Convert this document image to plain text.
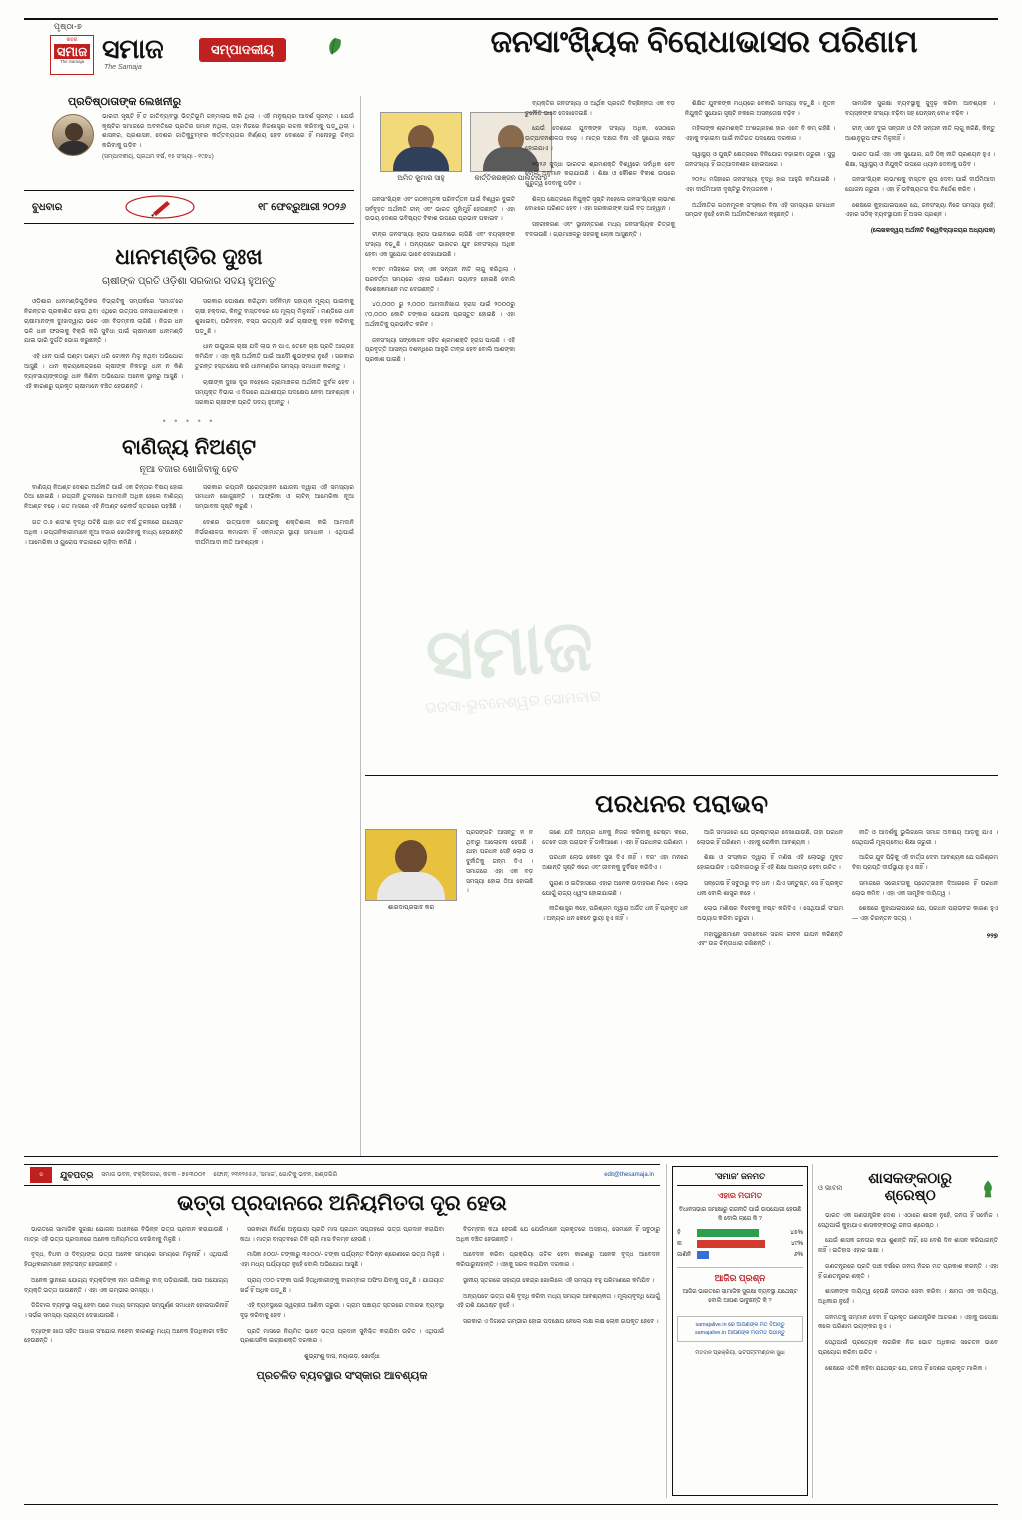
ପୃଷ୍ଠା-୭
ଖବର
ସମାଜ
The Samaja ସମାଜ
The Samaja
ସମ୍ପାଦକୀୟ	ଜନସାଂଖ୍ୟିକ ବିରୋଧାଭାସର ପରିଣାମ
ପ୍ରତିଷ୍ଠାତାଙ୍କ ଲେଖନୀରୁ
ଭାରତୀ ସୃଷ୍ଟି ହିଁ ତ ଜାତିବ୍ୟବସ୍ଥା ଭିତ୍ତିଭୂମି ଜନ୍ମଲାଭ କରି ଥିଲା । ଏହି ମନୁଷ୍ୟର ଆଦର୍ଶ ସୃଜନ୍ତ । ଯେଉଁ କୃଷ୍ଟିର ସମାଜରେ ଅବନତିରେ ପ୍ରତିର ସମାନ ନଥିଲା, ତାହା ନିଜରେ ନିଜଶାସ୍ତ୍ର ରଚନା କରିବାକୁ ପଡ଼ୁଥିଲା । ଶାସନର, ପ୍ରଶାସନ, ଦେଶର ଜାତିକୁଟୁମ୍ବର କର୍ତ୍ତବ୍ୟତାର ନିର୍ଣ୍ଣୟ ହେବ ଦେଶରେ ହିଁ ମନୋହରୁ ଚିନ୍ତା କରିବାକୁ ପଡ଼ିବ ।
(ସମ୍ପାଦକୀୟ, ପ୍ରଥମ ବର୍ଷ, ୧୫ ସଂଖ୍ୟା - ୧୯୭୪)
ଅମିତ କୁମାର ସାହୁ	କାର୍ତ୍ତିକରଞ୍ଜନ ପାଲଟାସିଂହ
ବୁଧବାର	୧୮ ଫେବ୍ରୁଆରୀ ୨୦୨୬
ଧାନମଣ୍ଡିର ଦୁଃଖ
ଚାଷୀଙ୍କ ପ୍ରତି ଓଡ଼ିଶା ସରକାର ସଦୟ ହୁଅନ୍ତୁ

ଓଡ଼ିଶାର ଧାନମଣ୍ଡିଗୁଡ଼ିକର ବିଭ୍ରାଟିକୁ ସମ୍ପର୍କରେ 'ସମାଜ'ରେ ନିରନ୍ତର ପ୍ରକାଶିତ ହେଉ ଥିବା ଏଥିରେ ଉତ୍ତାପ ଜନସାଧାରଣଙ୍କ । ଚାଷୀମାନଙ୍କ ଦୁଃଖଦ୍ୱାରା ଭଳେ ଏହା ବିଡ଼ମ୍ବନା ଲାଗିଛି । ନିଜର ଧନ ଭଳି ଧାନ ଫସଲକୁ ବିକ୍ରି କରି ସୁବିଧା ପାଇଁ ଚାଷୀମାନେ ଧାନମଣ୍ଡି ଯାଇ ଭାରି ଦୁର୍ଗତି ଭୋଗ କରୁଛନ୍ତି ।

ଏହି ଧାନ ପାଇଁ ଘଣ୍ଟା ଘଣ୍ଟା ଧରି ଟୋକନ ମିଳୁ ନଥିବା ଅଭିଯୋଗ ଆସୁଛି । ଧାନ କ୍ରୟକେନ୍ଦ୍ରରେ ଚାଷୀଙ୍କ ନିକଟରୁ ଧାନ ନ କିଣି ବ୍ୟବସାୟୀଙ୍କଠାରୁ ଧାନ କିଣିବା ଅଭିଯୋଗ ଅନେକ ସ୍ଥାନରୁ ଆସୁଛି । ଏହି କାରଣରୁ ପ୍ରକୃତ ଚାଷୀମାନେ ବଞ୍ଚିତ ହେଉଛନ୍ତି ।

ସରକାର ଘୋଷଣା କରିଥିବା ସର୍ବନିମ୍ନ ସହାୟକ ମୂଲ୍ୟ ପାଇବାକୁ ଚାଷୀ ହକ୍ଦାର, କିନ୍ତୁ ବାସ୍ତବରେ ସେ ମୂଲ୍ୟ ମିଳୁନାହିଁ । ମଣ୍ଡିରେ ଧାନ ଶୁଖାଇବା, ପରିବହନ, ବସ୍ତା ଇତ୍ୟାଦି ଖର୍ଚ୍ଚ ଚାଷୀଙ୍କୁ ବହନ କରିବାକୁ ପଡ଼ୁଛି ।

ଧାନ ଉପୁଜାଇ ଚାଷୀ ଯଦି ଲାଭ ନ ପାଏ, ତେବେ ଚାଷ ପ୍ରତି ଆଗ୍ରହ କମିଯିବ । ଏହା କୃଷି ଅର୍ଥନୀତି ପାଇଁ ଆଦୌ ଶୁଭଙ୍କର ନୁହେଁ । ସରକାର ତୁରନ୍ତ ହସ୍ତକ୍ଷେପ କରି ଧାନମଣ୍ଡିର ସମସ୍ୟା ସମାଧାନ କରନ୍ତୁ ।

ଚାଷୀଙ୍କ ଦୁଃଖ ଦୂର ନହେଲେ ଗ୍ରାମାଞ୍ଚଳର ଅର୍ଥନୀତି ଦୁର୍ବଳ ହେବ । ସମ୍ପୃକ୍ତ ବିଭାଗ ଏ ଦିଗରେ ଯଥାଶୀଘ୍ର ପଦକ୍ଷେପ ନେବା ଆବଶ୍ୟକ । ସରକାର ଚାଷୀଙ୍କ ପ୍ରତି ସଦୟ ହୁଅନ୍ତୁ ।

• • • • •
ବାଣିଜ୍ୟ ନିଅଣ୍ଟ
ନୂଆ ବଜାର ଖୋଜିବାକୁ ହେବ

ବାଣିଜ୍ୟ ନିଅଣ୍ଟ ଦେଶର ଅର୍ଥନୀତି ପାଇଁ ଏକ ଚିନ୍ତାର ବିଷୟ ହୋଇ ଠିଆ ହୋଇଛି । ରପ୍ତାନି ତୁଳନାରେ ଆମଦାନି ଅଧିକ ହେଲେ ବାଣିଜ୍ୟ ନିଅଣ୍ଟ ବଢ଼େ । ଗତ ମାସରେ ଏହି ନିଅଣ୍ଟ ରେକର୍ଡ ସ୍ତରରେ ପହଞ୍ଚିଛି ।

ଗତ ୦.୫ ଶତାଂଶ ବୃଦ୍ଧି ଘଟିଛି ଯାହା ଗତ ବର୍ଷ ତୁଳନାରେ ଯଥେଷ୍ଟ ଅଧିକ । ରପ୍ତାନିକାରୀମାନେ ନୂଆ ବଜାର ଖୋଜିବାକୁ ବାଧ୍ୟ ହେଉଛନ୍ତି । ଆମେରିକା ଓ ୟୁରୋପ ବଜାରରେ ଚାହିଦା କମିଛି ।

ସରକାର ରପ୍ତାନି ପ୍ରୋତ୍ସାହନ ଯୋଜନା ଦ୍ୱାରା ଏହି ସମସ୍ୟାର ସମାଧାନ ଖୋଜୁଛନ୍ତି । ଆଫ୍ରିକା ଓ ଲାଟିନ୍ ଆମେରିକା ନୂଆ ସମ୍ଭାବନା ସୃଷ୍ଟି କରୁଛି ।

ଦେଶର ଉତ୍ପାଦନ କ୍ଷେତ୍ରକୁ ଶକ୍ତିଶାଳୀ କରି ଆମଦାନି ନିର୍ଭରଶୀଳତା କମାଇବା ହିଁ ଏକମାତ୍ର ସ୍ଥାୟୀ ସମାଧାନ । ଏଥିପାଇଁ ଦୀର୍ଘମିଆଦୀ ନୀତି ଆବଶ୍ୟକ ।

ଜନସାଂଖ୍ୟିକ ଏବଂ ଗଠନମୂଳକ ପରିବର୍ତ୍ତନ ପାଇଁ ବିଶ୍ୱର ଦୁଇଟି ସର୍ବବୃହତ ଅର୍ଥନୀତି ଚୀନ୍ ଏବଂ ଭାରତ ମୁହାଁମୁହିଁ ହେଉଛନ୍ତି । ଏହା ଉଭୟ ଦେଶର ଭବିଷ୍ୟତ ବିକାଶ ଉପରେ ପ୍ରଭାବ ପକାଇବ ।

ଚୀନ୍‌ର ଜନସଂଖ୍ୟା ହ୍ରାସ ପାଇବାରେ ଲାଗିଛି ଏବଂ ବୟସ୍କଙ୍କ ସଂଖ୍ୟା ବଢ଼ୁଛି । ଅନ୍ୟପଟେ ଭାରତର ଯୁବ ଜନସଂଖ୍ୟା ଅଧିକ ହେବା ଏକ ସୁଯୋଗ ଭାବେ ଦେଖାଯାଉଛି ।

୧୯୭୯ ମସିହାରେ ଚୀନ୍ ଏକ ସନ୍ତାନ ନୀତି ଲାଗୁ କରିଥିଲା । ପରବର୍ତ୍ତୀ ସମୟରେ ଏହାର ପରିଣାମ ଭୟାବହ ହୋଇଛି ବୋଲି ବିଶେଷଜ୍ଞମାନେ ମତ ଦେଉଛନ୍ତି ।

୪୦,୦୦୦ ରୁ ୨,୦୦୦ ଆମଦାନିଖାତା ହ୍ରାସ ପାଇଁ ୨୦୦୦ରୁ ୯୦,୦୦୦ କୋଟି ଟଙ୍କାର ଯୋଜନା ପ୍ରସ୍ତୁତ ହୋଇଛି । ଏହା ଅର୍ଥନୀତିକୁ ପ୍ରଭାବିତ କରିବ ।

ଜନସଂଖ୍ୟା ସଙ୍କୋଚନ ସହିତ ଶ୍ରମଶକ୍ତି ହ୍ରାସ ପାଉଛି । ଏହି ପ୍ରବୃତ୍ତି ଆସନ୍ତା ଦଶନ୍ଧିରେ ଆହୁରି ତୀବ୍ର ହେବ ବୋଲି ଆଶଙ୍କା ପ୍ରକାଶ ପାଇଛି ।

ବ୍ୟକ୍ତିର ଜନସଂଖ୍ୟା ଓ ଆର୍ଥିକ ପ୍ରଗତି ବିଚ୍ଛିନ୍ନତା ଏକ ବଡ଼ ଚୁନୌତି ଭାବେ ଦେଖାଦେଇଛି ।

ଯେଉଁ ଦେଶରେ ଯୁବକଙ୍କ ସଂଖ୍ୟା ଅଧିକ, ସେଠାରେ ଉତ୍ପାଦନଶୀଳତା ବଢ଼େ । ମାତ୍ର ଦକ୍ଷତା ବିନା ଏହି ସୁଯୋଗ ନଷ୍ଟ ହୋଇଯାଏ ।

୨୦୨୬ ସୁଦ୍ଧା ଭାରତର ଶ୍ରମଶକ୍ତି ବିଶ୍ୱରେ ସର୍ବାଧିକ ହେବ ବୋଲି ଅନୁମାନ କରାଯାଉଛି । ଶିକ୍ଷା ଓ କୌଶଳ ବିକାଶ ଉପରେ ଗୁରୁତ୍ୱ ଦେବାକୁ ପଡ଼ିବ ।

ଶିଳ୍ପ କ୍ଷେତ୍ରରେ ନିଯୁକ୍ତି ସୃଷ୍ଟି ନହେଲେ ଜନସାଂଖ୍ୟିକ ଲାଭାଂଶ ବୋଝରେ ପରିଣତ ହେବ । ଏହା ସରକାରଙ୍କ ପାଇଁ ବଡ଼ ଆହ୍ୱାନ ।

ସହରୀକରଣ ଏବଂ ସ୍ଥାନାନ୍ତରଣ ମଧ୍ୟ ଜନସାଂଖ୍ୟିକ ଚିତ୍ରକୁ ବଦଳାଉଛି । ଗ୍ରାମାଞ୍ଚଳରୁ ସହରକୁ ଲୋକ ଆସୁଛନ୍ତି ।

ଶିକ୍ଷିତ ଯୁବକଙ୍କ ମଧ୍ୟରେ ବେକାରି ସମସ୍ୟା ବଢ଼ୁଛି । ନୂତନ ନିଯୁକ୍ତି ସୁଯୋଗ ସୃଷ୍ଟି ନକଲେ ଅସନ୍ତୋଷ ବଢ଼ିବ ।

ମହିଳାଙ୍କ ଶ୍ରମଶକ୍ତି ଅଂଶଗ୍ରହଣ ହାର ଏବେ ବି କମ୍ ରହିଛି । ଏହାକୁ ବଢ଼ାଇବା ପାଇଁ ନୀତିଗତ ପଦକ୍ଷେପ ଦରକାର ।

ସ୍ୱାସ୍ଥ୍ୟ ଓ ପୁଷ୍ଟି କ୍ଷେତ୍ରରେ ବିନିଯୋଗ ବଢ଼ାଇବା ଜରୁରୀ । ସୁସ୍ଥ ଜନସଂଖ୍ୟା ହିଁ ଉତ୍ପାଦନଶୀଳ ହୋଇପାରେ ।

୨୦୨୪ ମସିହାରେ ଜନସଂଖ୍ୟା ବୃଦ୍ଧି ହାର ଆହୁରି କମିଯାଇଛି । ଏହା ଦୀର୍ଘମିଆଦୀ ଦୃଷ୍ଟିରୁ ଚିନ୍ତାଜନକ ।

ଅର୍ଥନୀତିର ଗଠନମୂଳକ ସଂସ୍କାର ବିନା ଏହି ସମସ୍ୟାର ସମାଧାନ ସମ୍ଭବ ନୁହେଁ ବୋଲି ଅର୍ଥନୀତିଜ୍ଞମାନେ କହୁଛନ୍ତି ।

ସାମାଜିକ ସୁରକ୍ଷା ବ୍ୟବସ୍ଥାକୁ ସୁଦୃଢ଼ କରିବା ଆବଶ୍ୟକ । ବୟସ୍କଙ୍କ ସଂଖ୍ୟା ବଢ଼ିବା ସହ ପେନ୍‌ସନ୍ ବୋଝ ବଢ଼ିବ ।

ଚୀନ୍ ଏବେ ଦୁଇ ସନ୍ତାନ ଓ ତିନି ସନ୍ତାନ ନୀତି ଲାଗୁ କରିଛି, କିନ୍ତୁ ଆଶାନୁରୂପ ଫଳ ମିଳୁନାହିଁ ।

ଭାରତ ପାଇଁ ଏହା ଏକ ସୁଯୋଗ, ଯଦି ଠିକ୍ ନୀତି ପ୍ରଣୟନ ହୁଏ । ଶିକ୍ଷା, ସ୍ୱାସ୍ଥ୍ୟ ଓ ନିଯୁକ୍ତି ଉପରେ ଧ୍ୟାନ ଦେବାକୁ ପଡ଼ିବ ।

ଜନସାଂଖ୍ୟିକ ଲାଭାଂଶକୁ ବାସ୍ତବ ରୂପ ଦେବା ପାଇଁ ଦୀର୍ଘମିଆଦୀ ଯୋଜନା ଜରୁରୀ । ଏହା ହିଁ ଭବିଷ୍ୟତର ଦିଗ ନିର୍ଦ୍ଦେଶ କରିବ ।

ଶେଷରେ କୁହାଯାଇପାରେ ଯେ, ଜନସଂଖ୍ୟା ନିଜେ ସମସ୍ୟା ନୁହେଁ; ଏହାର ସଠିକ୍ ବ୍ୟବସ୍ଥାପନା ହିଁ ଅସଲ ପ୍ରଶ୍ନ ।

(ଲେଖକଦ୍ୱୟ ଅର୍ଥନୀତି ବିଶ୍ୱବିଦ୍ୟାଳୟର ଅଧ୍ୟାପକ)
ପରଧନର ପରାଭବ
ଶାରଦାପ୍ରସାଦ କର

ପ୍ରସଙ୍ଗଟି ଆସନ୍ତୁ ନ ନ ଥିବାରୁ ଆଲୋଚନା ହେଉଛି । ଯାହା ପରଧନ ସେହି ଲୋଭ ଓ ଦୁର୍ନୀତିକୁ ଜନ୍ମ ଦିଏ । ସମାଜରେ ଏହା ଏକ ବଡ଼ ସମସ୍ୟା ହୋଇ ଠିଆ ହୋଇଛି ।

ଜଣେ ଯଦି ଅନ୍ୟର ଧନକୁ ନିଜର କରିବାକୁ ଚେଷ୍ଟା କରେ, ତେବେ ତାହା ପରାଭବ ହିଁ ଡାକିଆଣେ । ଏହା ହିଁ ପରଧନର ପରିଣାମ ।

ପରଧନ ଲୋଭ କେବେ ସୁଖ ଦିଏ ନାହିଁ । ବରଂ ଏହା ମନରେ ଅଶାନ୍ତି ସୃଷ୍ଟି କରେ ଏବଂ ଜୀବନକୁ ଦୁର୍ବିଷହ କରିଦିଏ ।

ପୁରାଣ ଓ ଇତିହାସରେ ଏହାର ଅନେକ ଉଦାହରଣ ମିଳେ । ଲୋଭ ଯୋଗୁଁ ରାଜ୍ୟ ଧ୍ୱଂସ ହୋଇଯାଇଛି ।

ନୀତିଶାସ୍ତ୍ର କହେ, ପରିଶ୍ରମ ଦ୍ୱାରା ଅର୍ଜିତ ଧନ ହିଁ ପ୍ରକୃତ ଧନ । ଅନ୍ୟର ଧନ କେବେ ସ୍ଥାୟୀ ହୁଏ ନାହିଁ ।

ଆଜି ସମାଜରେ ଯେ ଭ୍ରଷ୍ଟାଚାର ଦେଖାଯାଉଛି, ତାହା ପରଧନ ଲୋଭର ହିଁ ପରିଣାମ । ଏହାକୁ ରୋକିବା ଆବଶ୍ୟକ ।

ଶିକ୍ଷା ଓ ସଂସ୍କାର ଦ୍ୱାରା ହିଁ ମଣିଷ ଏହି ଲୋଭରୁ ମୁକ୍ତ ହୋଇପାରିବ । ପରିବାରଠାରୁ ହିଁ ଏହି ଶିକ୍ଷା ଆରମ୍ଭ ହେବା ଉଚିତ ।

ସନ୍ତୋଷ ହିଁ ସବୁଠାରୁ ବଡ଼ ଧନ । ଯିଏ ସନ୍ତୁଷ୍ଟ, ସେ ହିଁ ପ୍ରକୃତ ଧନୀ ବୋଲି ଶାସ୍ତ୍ର କହେ ।

ଲୋଭ ମଣିଷର ବିବେକକୁ ନଷ୍ଟ କରିଦିଏ । ସେଥିପାଇଁ ସଂଯମ ଅଭ୍ୟାସ କରିବା ଜରୁରୀ ।

ମହାପୁରୁଷମାନେ ସଦାବେଳେ ସରଳ ଜୀବନ ଯାପନ କରିଛନ୍ତି ଏବଂ ଉଚ୍ଚ ଚିନ୍ତାଧାରା ରଖିଛନ୍ତି ।

ନୀତି ଓ ଆଦର୍ଶକୁ ଭୁଲିଗଲେ ସମାଜ ଅବକ୍ଷୟ ଆଡ଼କୁ ଯାଏ । ସେଥିପାଇଁ ମୂଲ୍ୟବୋଧ ଶିକ୍ଷା ଜରୁରୀ ।

ଆଜିର ଯୁବ ପିଢ଼ିକୁ ଏହି ବାର୍ତ୍ତା ଦେବା ଆବଶ୍ୟକ ଯେ ପରିଶ୍ରମ ବିନା ପ୍ରାପ୍ତି ଦୀର୍ଘସ୍ଥାୟୀ ହୁଏ ନାହିଁ ।

ସମାଜରେ ସଚ୍ଚୋଟତାକୁ ପ୍ରୋତ୍ସାହନ ଦିଆଗଲେ ହିଁ ପରଧନ ଲୋଭ କମିବ । ଏହା ଏକ ସାମୂହିକ ଦାୟିତ୍ୱ ।

ଶେଷରେ କୁହାଯାଇପାରେ ଯେ, ପରଧନ ପରାଭବର କାରଣ ହୁଏ — ଏହା ଚିରନ୍ତନ ସତ୍ୟ ।

୨୨୭
ସମାଜ
ଭରସା-ଭୁବନେଶ୍ୱର ସୋମବାର
ସ	ଯୁବପତ୍ର ସମାଜ ଭବନ, ବକ୍ସିବଜାର, କଟକ - ୭୫୩୦୦୧ ଫୋନ୍: ୨୩୧୨୫୫୬, 'ସମାଜ', ଗୋଟିକୁ ଭବନ, ଖଣ୍ଡଗିରି	edit@thesamaja.in
ଭତ୍ତା ପ୍ରଦାନରେ ଅନିୟମିତତା ଦୂର ହେଉ

ଭାରତରେ ସାମାଜିକ ସୁରକ୍ଷା ଯୋଜନା ଅଧୀନରେ ବିଭିନ୍ନ ଭତ୍ତା ପ୍ରଦାନ କରାଯାଉଛି । ମାତ୍ର ଏହି ଭତ୍ତା ପ୍ରଦାନରେ ଅନେକ ଅନିୟମିତତା ଦେଖିବାକୁ ମିଳୁଛି ।

ବୃଦ୍ଧ, ବିଧବା ଓ ଦିବ୍ୟାଙ୍ଗ ଭତ୍ତା ଅନେକ ସମୟରେ ସମୟରେ ମିଳୁନାହିଁ । ଏଥିପାଇଁ ହିତାଧିକାରୀମାନେ ହନ୍ତସନ୍ତ ହେଉଛନ୍ତି ।

ଅନେକ ସ୍ଥାନରେ ଯୋଗ୍ୟ ବ୍ୟକ୍ତିଙ୍କ ନାମ ତାଲିକାରୁ ବାଦ୍ ପଡ଼ିଯାଇଛି, ଆଉ ଅଯୋଗ୍ୟ ବ୍ୟକ୍ତି ଭତ୍ତା ପାଉଛନ୍ତି । ଏହା ଏକ ଗମ୍ଭୀର ସମସ୍ୟା ।

ଡିଜିଟାଲ ବ୍ୟବସ୍ଥା ଲାଗୁ ହେବା ପରେ ମଧ୍ୟ ସମସ୍ୟାର ସମ୍ପୂର୍ଣ୍ଣ ସମାଧାନ ହୋଇପାରିନାହିଁ । ସର୍ଭର ସମସ୍ୟା ପ୍ରାୟତଃ ଦେଖାଯାଉଛି ।

ବ୍ୟାଙ୍କ ଖାତା ସହିତ ଆଧାର ସଂଯୋଗ ନହେବା କାରଣରୁ ମଧ୍ୟ ଅନେକ ହିତାଧିକାରୀ ବଞ୍ଚିତ ହେଉଛନ୍ତି ।

ସରକାରୀ ନିର୍ଦ୍ଦେଶ ଅନୁଯାୟୀ ପ୍ରତି ମାସ ପ୍ରଥମ ସପ୍ତାହରେ ଭତ୍ତା ପ୍ରଦାନ କରାଯିବା କଥା । ମାତ୍ର ବାସ୍ତବରେ ତିନି ଚାରି ମାସ ବିଳମ୍ବ ହେଉଛି ।

ମାସିକ ୫୦୦/- ଟଙ୍କାରୁ ୩୫୦୦/- ଟଙ୍କା ପର୍ଯ୍ୟନ୍ତ ବିଭିନ୍ନ ଶ୍ରେଣୀରେ ଭତ୍ତା ମିଳୁଛି । ଏହା ମଧ୍ୟ ପର୍ଯ୍ୟାପ୍ତ ନୁହେଁ ବୋଲି ଅଭିଯୋଗ ଆସୁଛି ।

ପ୍ରାୟ ୯୦୦ ଟଙ୍କା ପାଇଁ ହିତାଧିକାରୀଙ୍କୁ ବାରମ୍ବାର ଅଫିସ ଯିବାକୁ ପଡ଼ୁଛି । ଯାତାୟାତ ଖର୍ଚ୍ଚ ହିଁ ଅଧିକ ପଡ଼ୁଛି ।

ଏହି ବ୍ୟବସ୍ଥାରେ ସ୍ୱଚ୍ଛତା ଆଣିବା ଜରୁରୀ । ଗ୍ରାମ ପଞ୍ଚାୟତ ସ୍ତରରେ ତଦାରଖ ବ୍ୟବସ୍ଥା ଦୃଢ଼ କରିବାକୁ ହେବ ।

ପ୍ରତି ମାସରେ ନିୟମିତ ଭାବେ ଭତ୍ତା ପ୍ରଦାନ ସୁନିଶ୍ଚିତ କରାଯିବା ଉଚିତ । ଏଥିପାଇଁ ପ୍ରଶାସନିକ ଇଚ୍ଛାଶକ୍ତି ଦରକାର ।

ଶୁଭ୍ରାଂଶୁ ଦାସ, ନୟାଗଡ଼, ଖୋର୍ଦ୍ଧା
ପ୍ରଚଳିତ ବ୍ୟବସ୍ଥାର ସଂସ୍କାର ଆବଶ୍ୟକ

ବିଡ଼ମ୍ବନା କଥା ହେଉଛି ଯେ ଯେଉଁମାନେ ପ୍ରକୃତରେ ଅସହାୟ, ସେମାନେ ହିଁ ସବୁଠାରୁ ଅଧିକ ବଞ୍ଚିତ ହେଉଛନ୍ତି ।

ଆବେଦନ କରିବା ପ୍ରକ୍ରିୟା ଜଟିଳ ହେବା କାରଣରୁ ଅନେକ ବୃଦ୍ଧ ଆବେଦନ କରିପାରୁନାହାନ୍ତି । ଏହାକୁ ସରଳ କରାଯିବା ଦରକାର ।

ସ୍ଥାନୀୟ ସ୍ତରରେ ସହାୟତା କେନ୍ଦ୍ର ଖୋଲିଲେ ଏହି ସମସ୍ୟା ବହୁ ପରିମାଣରେ କମିଯିବ ।

ଅନ୍ୟପଟେ ଭତ୍ତା ରାଶି ବୃଦ୍ଧି କରିବା ମଧ୍ୟ ସମୟର ଆବଶ୍ୟକତା । ମୂଲ୍ୟବୃଦ୍ଧି ଯୋଗୁଁ ଏହି ରାଶି ଯଥେଷ୍ଟ ନୁହେଁ ।

ସରକାର ଏ ଦିଗରେ ଗମ୍ଭୀର ହୋଇ ପଦକ୍ଷେପ ନେଲେ ଲକ୍ଷ ଲକ୍ଷ ଲୋକ ଉପକୃତ ହେବେ ।

'ସମାଜ' ଜନମତ
ଏହାର ମତାମତ
ବିଧାନସଭାର ସମୀକ୍ଷାରୁ ରାଜନୀତି ପାଇଁ ଉପଯୋଗୀ ହେଉଛି କି ବୋଲି ଲାଗେ କି ?
ହଁ	୪୫%
ନା	୪୯%
ଜାଣିନି	୬%
ଆଜିର ପ୍ରଶ୍ନ
ଆଜିର ଭାରତରେ ସାମାଜିକ ସୁରକ୍ଷା ବ୍ୟବସ୍ଥା ଯଥେଷ୍ଟ ବୋଲି ଆପଣ ଭାବୁଛନ୍ତି କି ?
samajalive.in ରେ ଆପଣଙ୍କ ମତ ଦିଅନ୍ତୁ
samajalive.in ଆପଣଙ୍କ ମତାମତ ପଠାନ୍ତୁ
ମତଦାନ ପ୍ରକ୍ରିୟା, ଭଟପଟ୍ଟମଣ୍ଡଳୀ ସୁଧା
ଓ ଭାବନା
ଶାସକଙ୍କଠାରୁ ଶ୍ରେଷ୍ଠ

ଭାରତ ଏକ ଗଣତାନ୍ତ୍ରିକ ଦେଶ । ଏଠାରେ ଶାସକ ନୁହେଁ, ଜନତା ହିଁ ସର୍ବୋଚ୍ଚ । ସେଥିପାଇଁ କୁହାଯାଏ ଶାସକଙ୍କଠାରୁ ଜନତା ଶ୍ରେଷ୍ଠ ।

ଯେଉଁ ଶାସକ ଜନତାର କଥା ଶୁଣନ୍ତି ନାହିଁ, ସେ ବେଶି ଦିନ ଶାସନ କରିପାରନ୍ତି ନାହିଁ । ଇତିହାସ ଏହାର ସାକ୍ଷୀ ।

ଗଣତନ୍ତ୍ରରେ ପ୍ରତି ପାଞ୍ଚ ବର୍ଷରେ ଜନତା ନିଜର ମତ ପ୍ରକାଶ କରନ୍ତି । ଏହା ହିଁ ଗଣତନ୍ତ୍ରର ଶକ୍ତି ।

ଶାସକଙ୍କ ଦାୟିତ୍ୱ ହେଉଛି ଜନତାର ସେବା କରିବା । କ୍ଷମତା ଏକ ଦାୟିତ୍ୱ, ଅଧିକାର ନୁହେଁ ।

ଜନମତକୁ ସମ୍ମାନ ଦେବା ହିଁ ପ୍ରକୃତ ଗଣତାନ୍ତ୍ରିକ ଆଚରଣ । ଏହାକୁ ଉପେକ୍ଷା କଲେ ପରିଣାମ ଭୟଙ୍କର ହୁଏ ।

ସେଥିପାଇଁ ପ୍ରତ୍ୟେକ ନାଗରିକ ନିଜ ଭୋଟ ଅଧିକାର ସଚେତନ ଭାବେ ପ୍ରୟୋଗ କରିବା ଉଚିତ ।

ଶେଷରେ ଏତିକି କହିବା ଯଥେଷ୍ଟ ଯେ, ଜନତା ହିଁ ଦେଶର ପ୍ରକୃତ ମାଲିକ ।
